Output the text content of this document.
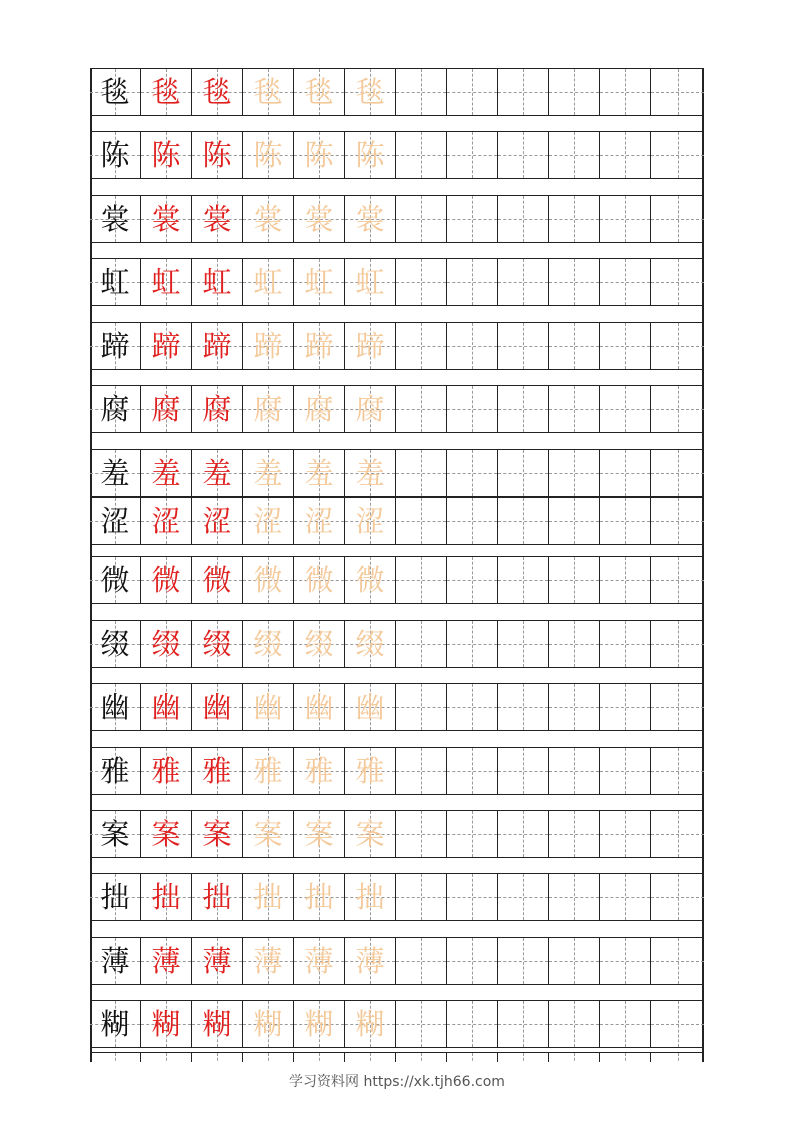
毯 毯 毯 毯 毯 毯
陈 陈 陈 陈 陈 陈
裳 裳 裳 裳 裳 裳
虹 虹 虹 虹 虹 虹
蹄 蹄 蹄 蹄 蹄 蹄
腐 腐 腐 腐 腐 腐
羞 羞 羞 羞 羞 羞
涩 涩 涩 涩 涩 涩
微 微 微 微 微 微
缀 缀 缀 缀 缀 缀
幽 幽 幽 幽 幽 幽
雅 雅 雅 雅 雅 雅
案 案 案 案 案 案
拙 拙 拙 拙 拙 拙
薄 薄 薄 薄 薄 薄
糊 糊 糊 糊 糊 糊
学习资料网 https://xk.tjh66.com
